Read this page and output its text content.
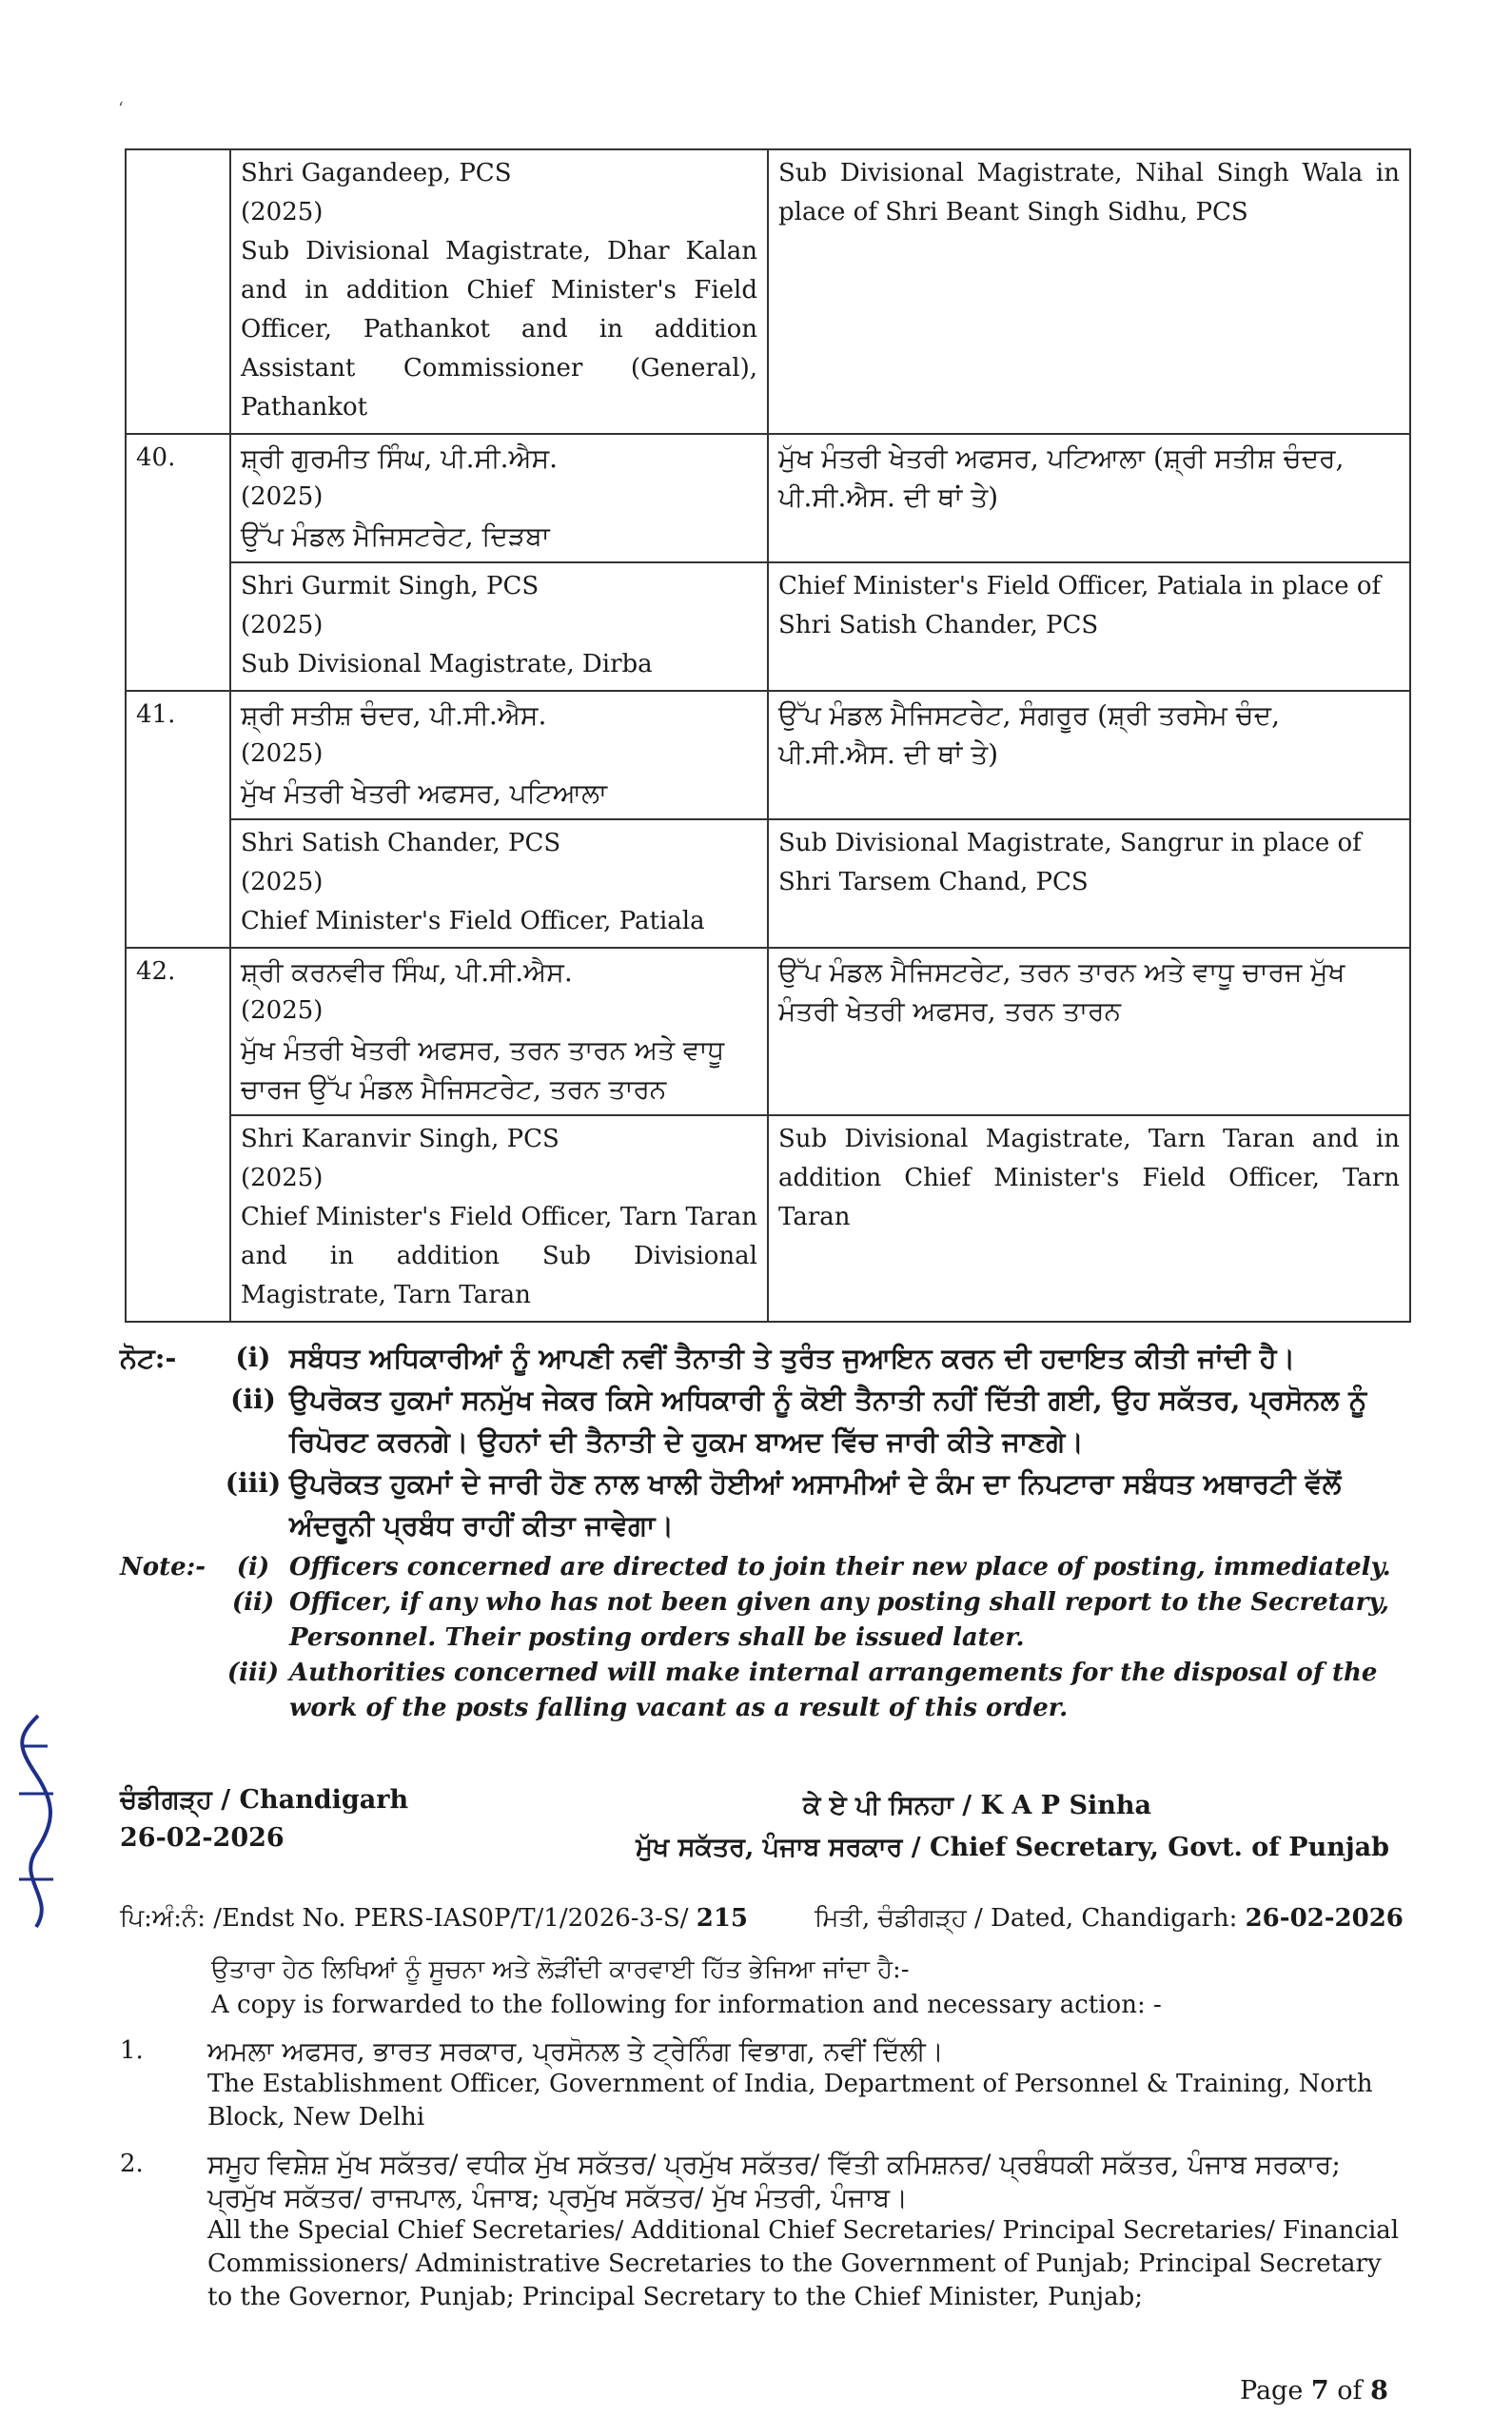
‘

	Shri Gagandeep, PCS
(2025)
Sub Divisional Magistrate, Dhar Kalan and in addition Chief Minister's Field Officer, Pathankot and in addition Assistant Commissioner (General), Pathankot	Sub Divisional Magistrate, Nihal Singh Wala in place of Shri Beant Singh Sidhu, PCS
40.	ਸ਼੍ਰੀ ਗੁਰਮੀਤ ਸਿੰਘ, ਪੀ.ਸੀ.ਐਸ.
(2025)
ਉੱਪ ਮੰਡਲ ਮੈਜਿਸਟਰੇਟ, ਦਿੜਬਾ	ਮੁੱਖ ਮੰਤਰੀ ਖੇਤਰੀ ਅਫਸਰ, ਪਟਿਆਲਾ (ਸ਼੍ਰੀ ਸਤੀਸ਼ ਚੰਦਰ, ਪੀ.ਸੀ.ਐਸ. ਦੀ ਥਾਂ ਤੇ)

	Shri Gurmit Singh, PCS
(2025)
Sub Divisional Magistrate, Dirba	Chief Minister's Field Officer, Patiala in place of Shri Satish Chander, PCS
41.	ਸ਼੍ਰੀ ਸਤੀਸ਼ ਚੰਦਰ, ਪੀ.ਸੀ.ਐਸ.
(2025)
ਮੁੱਖ ਮੰਤਰੀ ਖੇਤਰੀ ਅਫਸਰ, ਪਟਿਆਲਾ	ਉੱਪ ਮੰਡਲ ਮੈਜਿਸਟਰੇਟ, ਸੰਗਰੂਰ (ਸ਼੍ਰੀ ਤਰਸੇਮ ਚੰਦ, ਪੀ.ਸੀ.ਐਸ. ਦੀ ਥਾਂ ਤੇ)

	Shri Satish Chander, PCS
(2025)
Chief Minister's Field Officer, Patiala	Sub Divisional Magistrate, Sangrur in place of Shri Tarsem Chand, PCS
42.	ਸ਼੍ਰੀ ਕਰਨਵੀਰ ਸਿੰਘ, ਪੀ.ਸੀ.ਐਸ.
(2025)
ਮੁੱਖ ਮੰਤਰੀ ਖੇਤਰੀ ਅਫਸਰ, ਤਰਨ ਤਾਰਨ ਅਤੇ ਵਾਧੂ ਚਾਰਜ ਉੱਪ ਮੰਡਲ ਮੈਜਿਸਟਰੇਟ, ਤਰਨ ਤਾਰਨ	ਉੱਪ ਮੰਡਲ ਮੈਜਿਸਟਰੇਟ, ਤਰਨ ਤਾਰਨ ਅਤੇ ਵਾਧੂ ਚਾਰਜ ਮੁੱਖ ਮੰਤਰੀ ਖੇਤਰੀ ਅਫਸਰ, ਤਰਨ ਤਾਰਨ

	Shri Karanvir Singh, PCS
(2025)
Chief Minister's Field Officer, Tarn Taran and in addition Sub Divisional Magistrate, Tarn Taran	Sub Divisional Magistrate, Tarn Taran and in addition Chief Minister's Field Officer, Tarn Taran
ਨੋਟ:-	(i) ਸਬੰਧਤ ਅਧਿਕਾਰੀਆਂ ਨੂੰ ਆਪਣੀ ਨਵੀਂ ਤੈਨਾਤੀ ਤੇ ਤੁਰੰਤ ਜੁਆਇਨ ਕਰਨ ਦੀ ਹਦਾਇਤ ਕੀਤੀ ਜਾਂਦੀ ਹੈ।
(ii) ਉਪਰੋਕਤ ਹੁਕਮਾਂ ਸਨਮੁੱਖ ਜੇਕਰ ਕਿਸੇ ਅਧਿਕਾਰੀ ਨੂੰ ਕੋਈ ਤੈਨਾਤੀ ਨਹੀਂ ਦਿੱਤੀ ਗਈ, ਉਹ ਸਕੱਤਰ, ਪ੍ਰਸੋਨਲ ਨੂੰ ਰਿਪੋਰਟ ਕਰਨਗੇ। ਉਹਨਾਂ ਦੀ ਤੈਨਾਤੀ ਦੇ ਹੁਕਮ ਬਾਅਦ ਵਿੱਚ ਜਾਰੀ ਕੀਤੇ ਜਾਣਗੇ।
(iii) ਉਪਰੋਕਤ ਹੁਕਮਾਂ ਦੇ ਜਾਰੀ ਹੋਣ ਨਾਲ ਖਾਲੀ ਹੋਈਆਂ ਅਸਾਮੀਆਂ ਦੇ ਕੰਮ ਦਾ ਨਿਪਟਾਰਾ ਸਬੰਧਤ ਅਥਾਰਟੀ ਵੱਲੋਂ ਅੰਦਰੂਨੀ ਪ੍ਰਬੰਧ ਰਾਹੀਂ ਕੀਤਾ ਜਾਵੇਗਾ।
Note:-	(i) Officers concerned are directed to join their new place of posting, immediately.
(ii) Officer, if any who has not been given any posting shall report to the Secretary, Personnel. Their posting orders shall be issued later.
(iii) Authorities concerned will make internal arrangements for the disposal of the work of the posts falling vacant as a result of this order.
ਚੰਡੀਗੜ੍ਹ / Chandigarh
26-02-2026
ਕੇ ਏ ਪੀ ਸਿਨਹਾ / K A P Sinha
ਮੁੱਖ ਸਕੱਤਰ, ਪੰਜਾਬ ਸਰਕਾਰ / Chief Secretary, Govt. of Punjab
ਪਿ:ਅੰ:ਨੰ: /Endst No. PERS-IAS0P/T/1/2026-3-S/ 215	ਮਿਤੀ, ਚੰਡੀਗੜ੍ਹ / Dated, Chandigarh: 26-02-2026
ਉਤਾਰਾ ਹੇਠ ਲਿਖਿਆਂ ਨੂੰ ਸੂਚਨਾ ਅਤੇ ਲੋੜੀਂਦੀ ਕਾਰਵਾਈ ਹਿੱਤ ਭੇਜਿਆ ਜਾਂਦਾ ਹੈ:-
A copy is forwarded to the following for information and necessary action: -
1.	ਅਮਲਾ ਅਫਸਰ, ਭਾਰਤ ਸਰਕਾਰ, ਪ੍ਰਸੋਨਲ ਤੇ ਟ੍ਰੇਨਿੰਗ ਵਿਭਾਗ, ਨਵੀਂ ਦਿੱਲੀ।
The Establishment Officer, Government of India, Department of Personnel & Training, North Block, New Delhi
2.	ਸਮੂਹ ਵਿਸ਼ੇਸ਼ ਮੁੱਖ ਸਕੱਤਰ/ ਵਧੀਕ ਮੁੱਖ ਸਕੱਤਰ/ ਪ੍ਰਮੁੱਖ ਸਕੱਤਰ/ ਵਿੱਤੀ ਕਮਿਸ਼ਨਰ/ ਪ੍ਰਬੰਧਕੀ ਸਕੱਤਰ, ਪੰਜਾਬ ਸਰਕਾਰ; ਪ੍ਰਮੁੱਖ ਸਕੱਤਰ/ ਰਾਜਪਾਲ, ਪੰਜਾਬ; ਪ੍ਰਮੁੱਖ ਸਕੱਤਰ/ ਮੁੱਖ ਮੰਤਰੀ, ਪੰਜਾਬ।
All the Special Chief Secretaries/ Additional Chief Secretaries/ Principal Secretaries/ Financial Commissioners/ Administrative Secretaries to the Government of Punjab; Principal Secretary to the Governor, Punjab; Principal Secretary to the Chief Minister, Punjab;
Page 7 of 8
